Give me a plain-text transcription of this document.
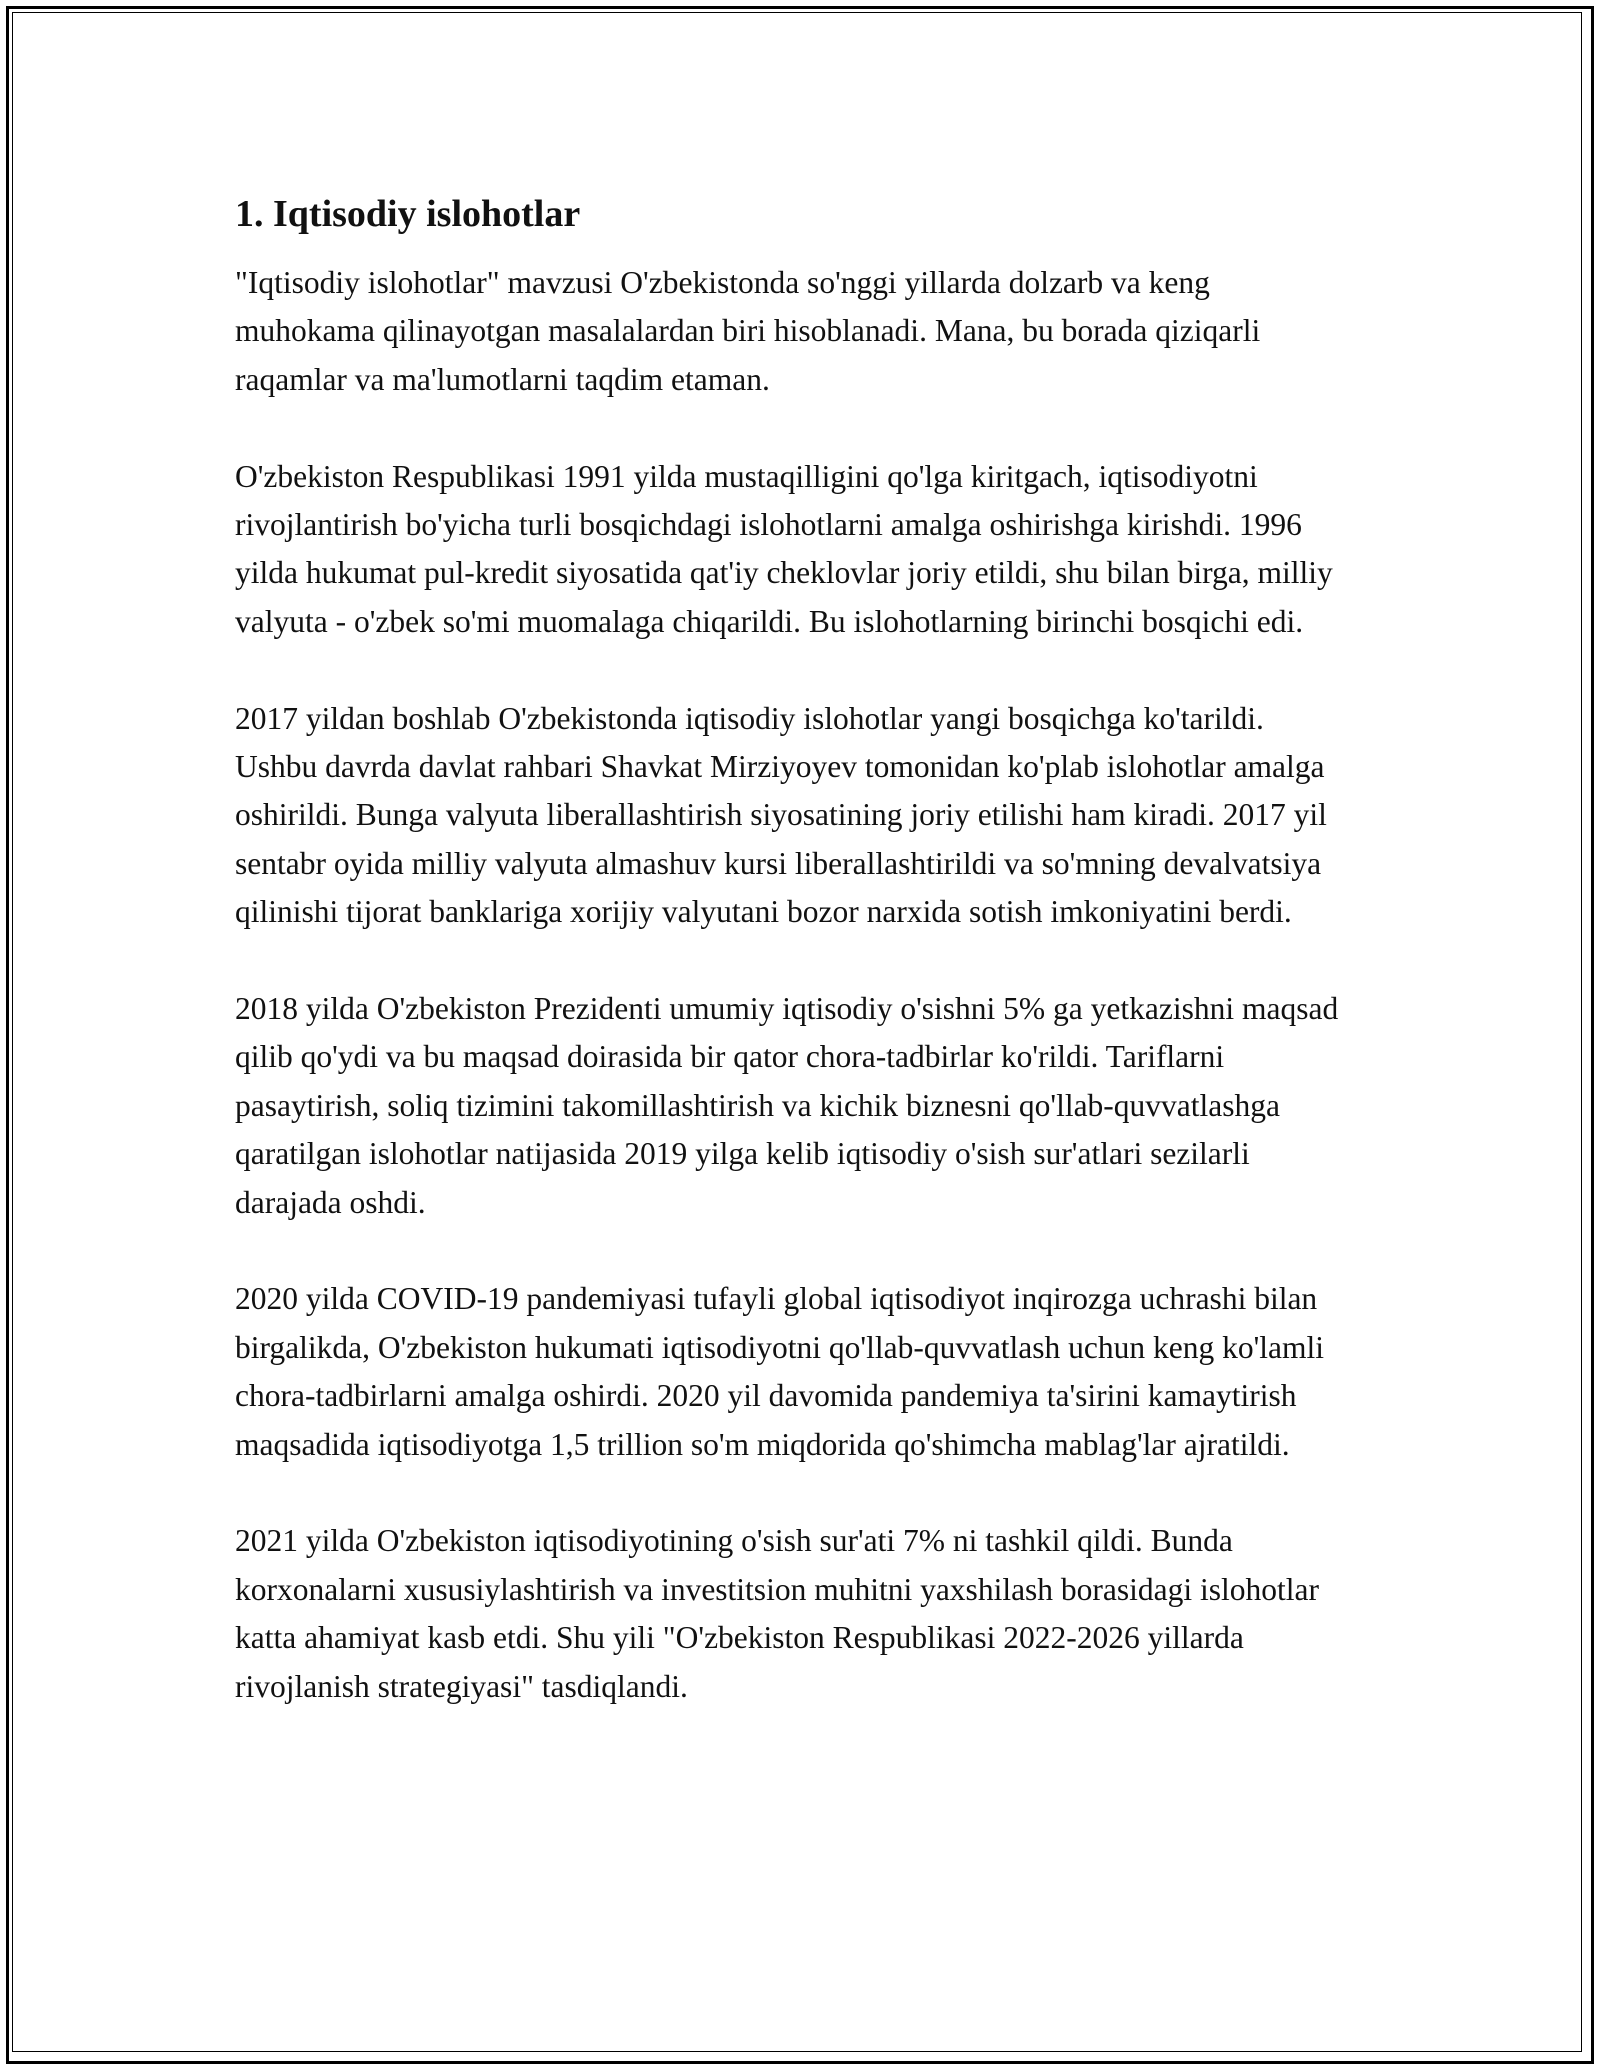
1. Iqtisodiy islohotlar

"Iqtisodiy islohotlar" mavzusi O'zbekistonda so'nggi yillarda dolzarb va keng muhokama qilinayotgan masalalardan biri hisoblanadi. Mana, bu borada qiziqarli raqamlar va ma'lumotlarni taqdim etaman.

O'zbekiston Respublikasi 1991 yilda mustaqilligini qo'lga kiritgach, iqtisodiyotni rivojlantirish bo'yicha turli bosqichdagi islohotlarni amalga oshirishga kirishdi. 1996 yilda hukumat pul-kredit siyosatida qat'iy cheklovlar joriy etildi, shu bilan birga, milliy valyuta - o'zbek so'mi muomalaga chiqarildi. Bu islohotlarning birinchi bosqichi edi.

2017 yildan boshlab O'zbekistonda iqtisodiy islohotlar yangi bosqichga ko'tarildi. Ushbu davrda davlat rahbari Shavkat Mirziyoyev tomonidan ko'plab islohotlar amalga oshirildi. Bunga valyuta liberallashtirish siyosatining joriy etilishi ham kiradi. 2017 yil sentabr oyida milliy valyuta almashuv kursi liberallashtirildi va so'mning devalvatsiya qilinishi tijorat banklariga xorijiy valyutani bozor narxida sotish imkoniyatini berdi.

2018 yilda O'zbekiston Prezidenti umumiy iqtisodiy o'sishni 5% ga yetkazishni maqsad qilib qo'ydi va bu maqsad doirasida bir qator chora-tadbirlar ko'rildi. Tariflarni pasaytirish, soliq tizimini takomillashtirish va kichik biznesni qo'llab-quvvatlashga qaratilgan islohotlar natijasida 2019 yilga kelib iqtisodiy o'sish sur'atlari sezilarli darajada oshdi.

2020 yilda COVID-19 pandemiyasi tufayli global iqtisodiyot inqirozga uchrashi bilan birgalikda, O'zbekiston hukumati iqtisodiyotni qo'llab-quvvatlash uchun keng ko'lamli chora-tadbirlarni amalga oshirdi. 2020 yil davomida pandemiya ta'sirini kamaytirish maqsadida iqtisodiyotga 1,5 trillion so'm miqdorida qo'shimcha mablag'lar ajratildi.

2021 yilda O'zbekiston iqtisodiyotining o'sish sur'ati 7% ni tashkil qildi. Bunda korxonalarni xususiylashtirish va investitsion muhitni yaxshilash borasidagi islohotlar katta ahamiyat kasb etdi. Shu yili "O'zbekiston Respublikasi 2022-2026 yillarda rivojlanish strategiyasi" tasdiqlandi.
